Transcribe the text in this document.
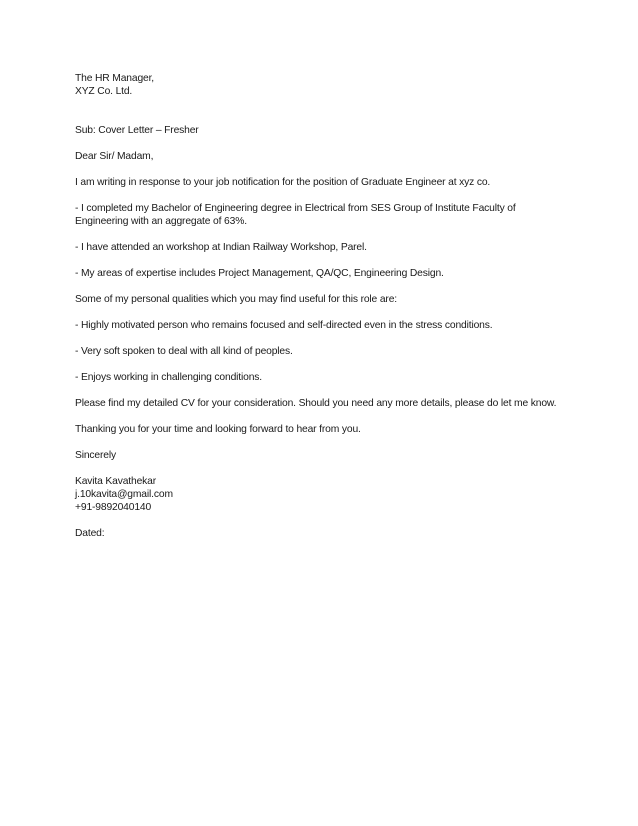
The HR Manager,
XYZ Co. Ltd.
Sub: Cover Letter – Fresher
Dear Sir/ Madam,
I am writing in response to your job notification for the position of Graduate Engineer at xyz co.

- I completed my Bachelor of Engineering degree in Electrical from SES Group of Institute Faculty of Engineering with an aggregate of 63%.

- I have attended an workshop at Indian Railway Workshop, Parel.
- My areas of expertise includes Project Management, QA/QC, Engineering Design.
Some of my personal qualities which you may find useful for this role are:
- Highly motivated person who remains focused and self-directed even in the stress conditions.
- Very soft spoken to deal with all kind of peoples.
- Enjoys working in challenging conditions.
Please find my detailed CV for your consideration. Should you need any more details, please do let me know.
Thanking you for your time and looking forward to hear from you.
Sincerely
Kavita Kavathekar
j.10kavita@gmail.com
+91-9892040140
Dated:
